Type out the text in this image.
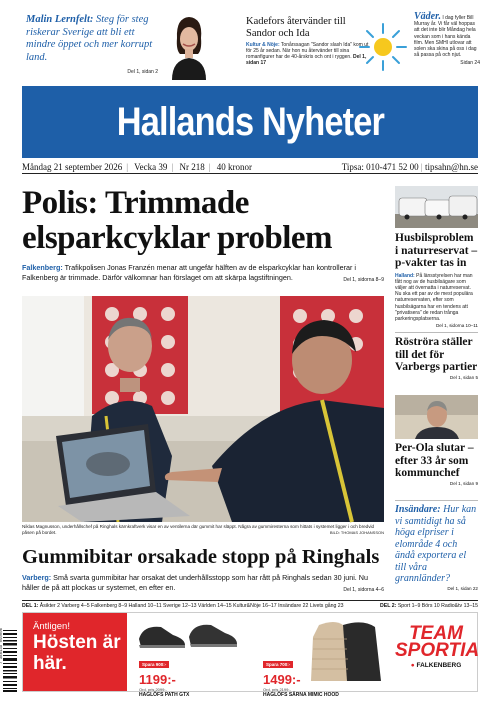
Malin Lernfelt: Steg för steg riskerar Sverige att bli ett mindre öppet och mer korrupt land.
Del 1, sidan 2
Kadefors återvänder till Sandor och Ida

Kultur & Nöje: Tonårssagan "Sandor slash Ida" kom ut för 25 år sedan. När hon nu återvänder till sina romanfigurer har de 40-årskris och ont i ryggen. Del 1, sidan 17

Väder. I dag fyller Bill Murray år. Vi får väl hoppas att det inte blir Måndag hela veckan som i hans kända film. Men SMHI utlovar att solen ska skina på oss i dag så passa på och njut.
Sidan 24
Hallands Nyheter
Måndag 21 september 2026 | Vecka 39 | Nr 218 | 40 kronor	Tipsa: 010-471 52 00 | tipsahn@hn.se
Polis: Trimmade elsparkcyklar problem
Falkenberg: Trafikpolisen Jonas Franzén menar att ungefär hälften av de elsparkcyklar han kontrollerar i Falkenberg är trimmade. Därför välkomnar han förslaget om att skärpa lagstiftningen.	Del 1, sidorna 8–9
Niklas Magnusson, underhållschef på Ringhals kärnkraftverk visar en av ventilerna där gummit har släppt. Några av gummiresterna som hittats i systemet ligger i och bredvid påsen på bordet.	BILD: THOMAS JOHANSSON
Gummibitar orsakade stopp på Ringhals
Varberg: Små svarta gummibitar har orsakat det underhållsstopp som har rått på Ringhals sedan 30 juni. Nu håller de på att plockas ur systemet, en efter en.	Del 1, sidorna 4–6
Husbilsproblem i naturreservat – p-vakter tas in
Halland: På länsstyrelsen har man fått nog av de husbilsägare som väljer att övernatta i naturreservat. Nu ska ett par av de mest populära naturreservaten, efter som husbilsägarna har en tendens att "privatisera" de redan trånga parkeringsplatserna.
Del 1, sidorna 10–11
Röströra ställer till det för Varbergs partier
Del 1, sidan 5
Per-Ola slutar – efter 33 år som kommunchef
Del 1, sidan 9
Insändare: Hur kan vi samtidigt ha så höga elpriser i elområde 4 och ändå exportera el till våra grannländer?
Del 1, sidan 22
DEL 1: Åsikter 2 Varberg 4–5 Falkenberg 8–9 Halland 10–11 Sverige 12–13 Världen 14–15 Kultur&Nöje 16–17 Insändare 22 Livets gång 23	DEL 2: Sport 1–9 Börs 10 Radio&tv 13–15
7 388139 050006
Äntligen!
Hösten är här.	Spara 900:-
1199:-
Ord. pris 2099:-
HAGLÖFS PATH GTX
Spara 700:-
1499:-
Ord. pris 2199:-
HAGLÖFS SÄRNA MIMIC HOOD
TEAM
SPORTIA
● FALKENBERG
